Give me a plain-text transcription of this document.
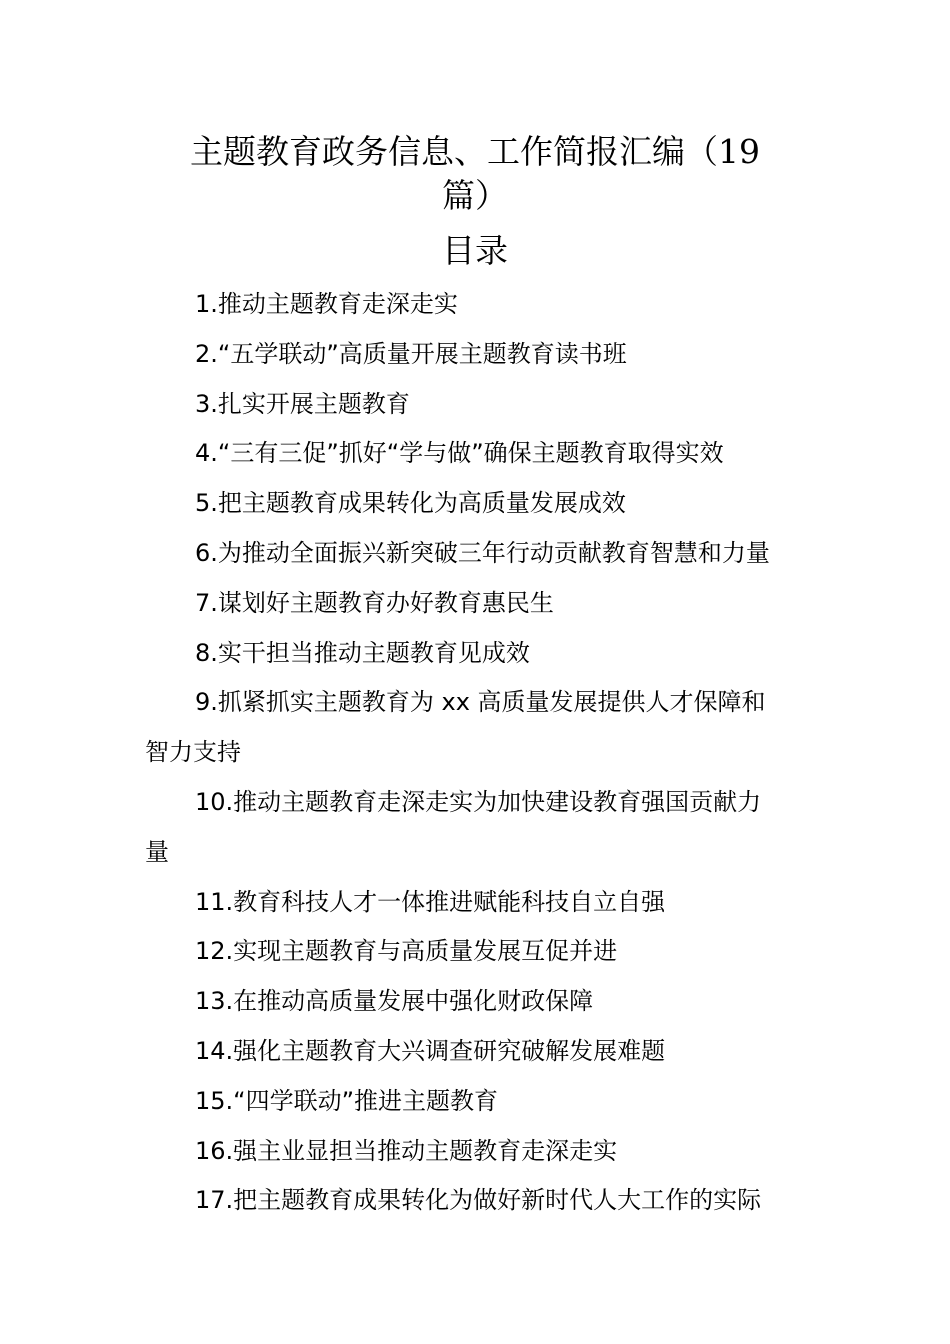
主题教育政务信息、工作简报汇编（19
篇）
目录
1.推动主题教育走深走实
2.“五学联动”高质量开展主题教育读书班
3.扎实开展主题教育
4.“三有三促”抓好“学与做”确保主题教育取得实效
5.把主题教育成果转化为高质量发展成效
6.为推动全面振兴新突破三年行动贡献教育智慧和力量
7.谋划好主题教育办好教育惠民生
8.实干担当推动主题教育见成效
9.抓紧抓实主题教育为 xx 高质量发展提供人才保障和
智力支持
10.推动主题教育走深走实为加快建设教育强国贡献力
量
11.教育科技人才一体推进赋能科技自立自强
12.实现主题教育与高质量发展互促并进
13.在推动高质量发展中强化财政保障
14.强化主题教育大兴调查研究破解发展难题
15.“四学联动”推进主题教育
16.强主业显担当推动主题教育走深走实
17.把主题教育成果转化为做好新时代人大工作的实际
